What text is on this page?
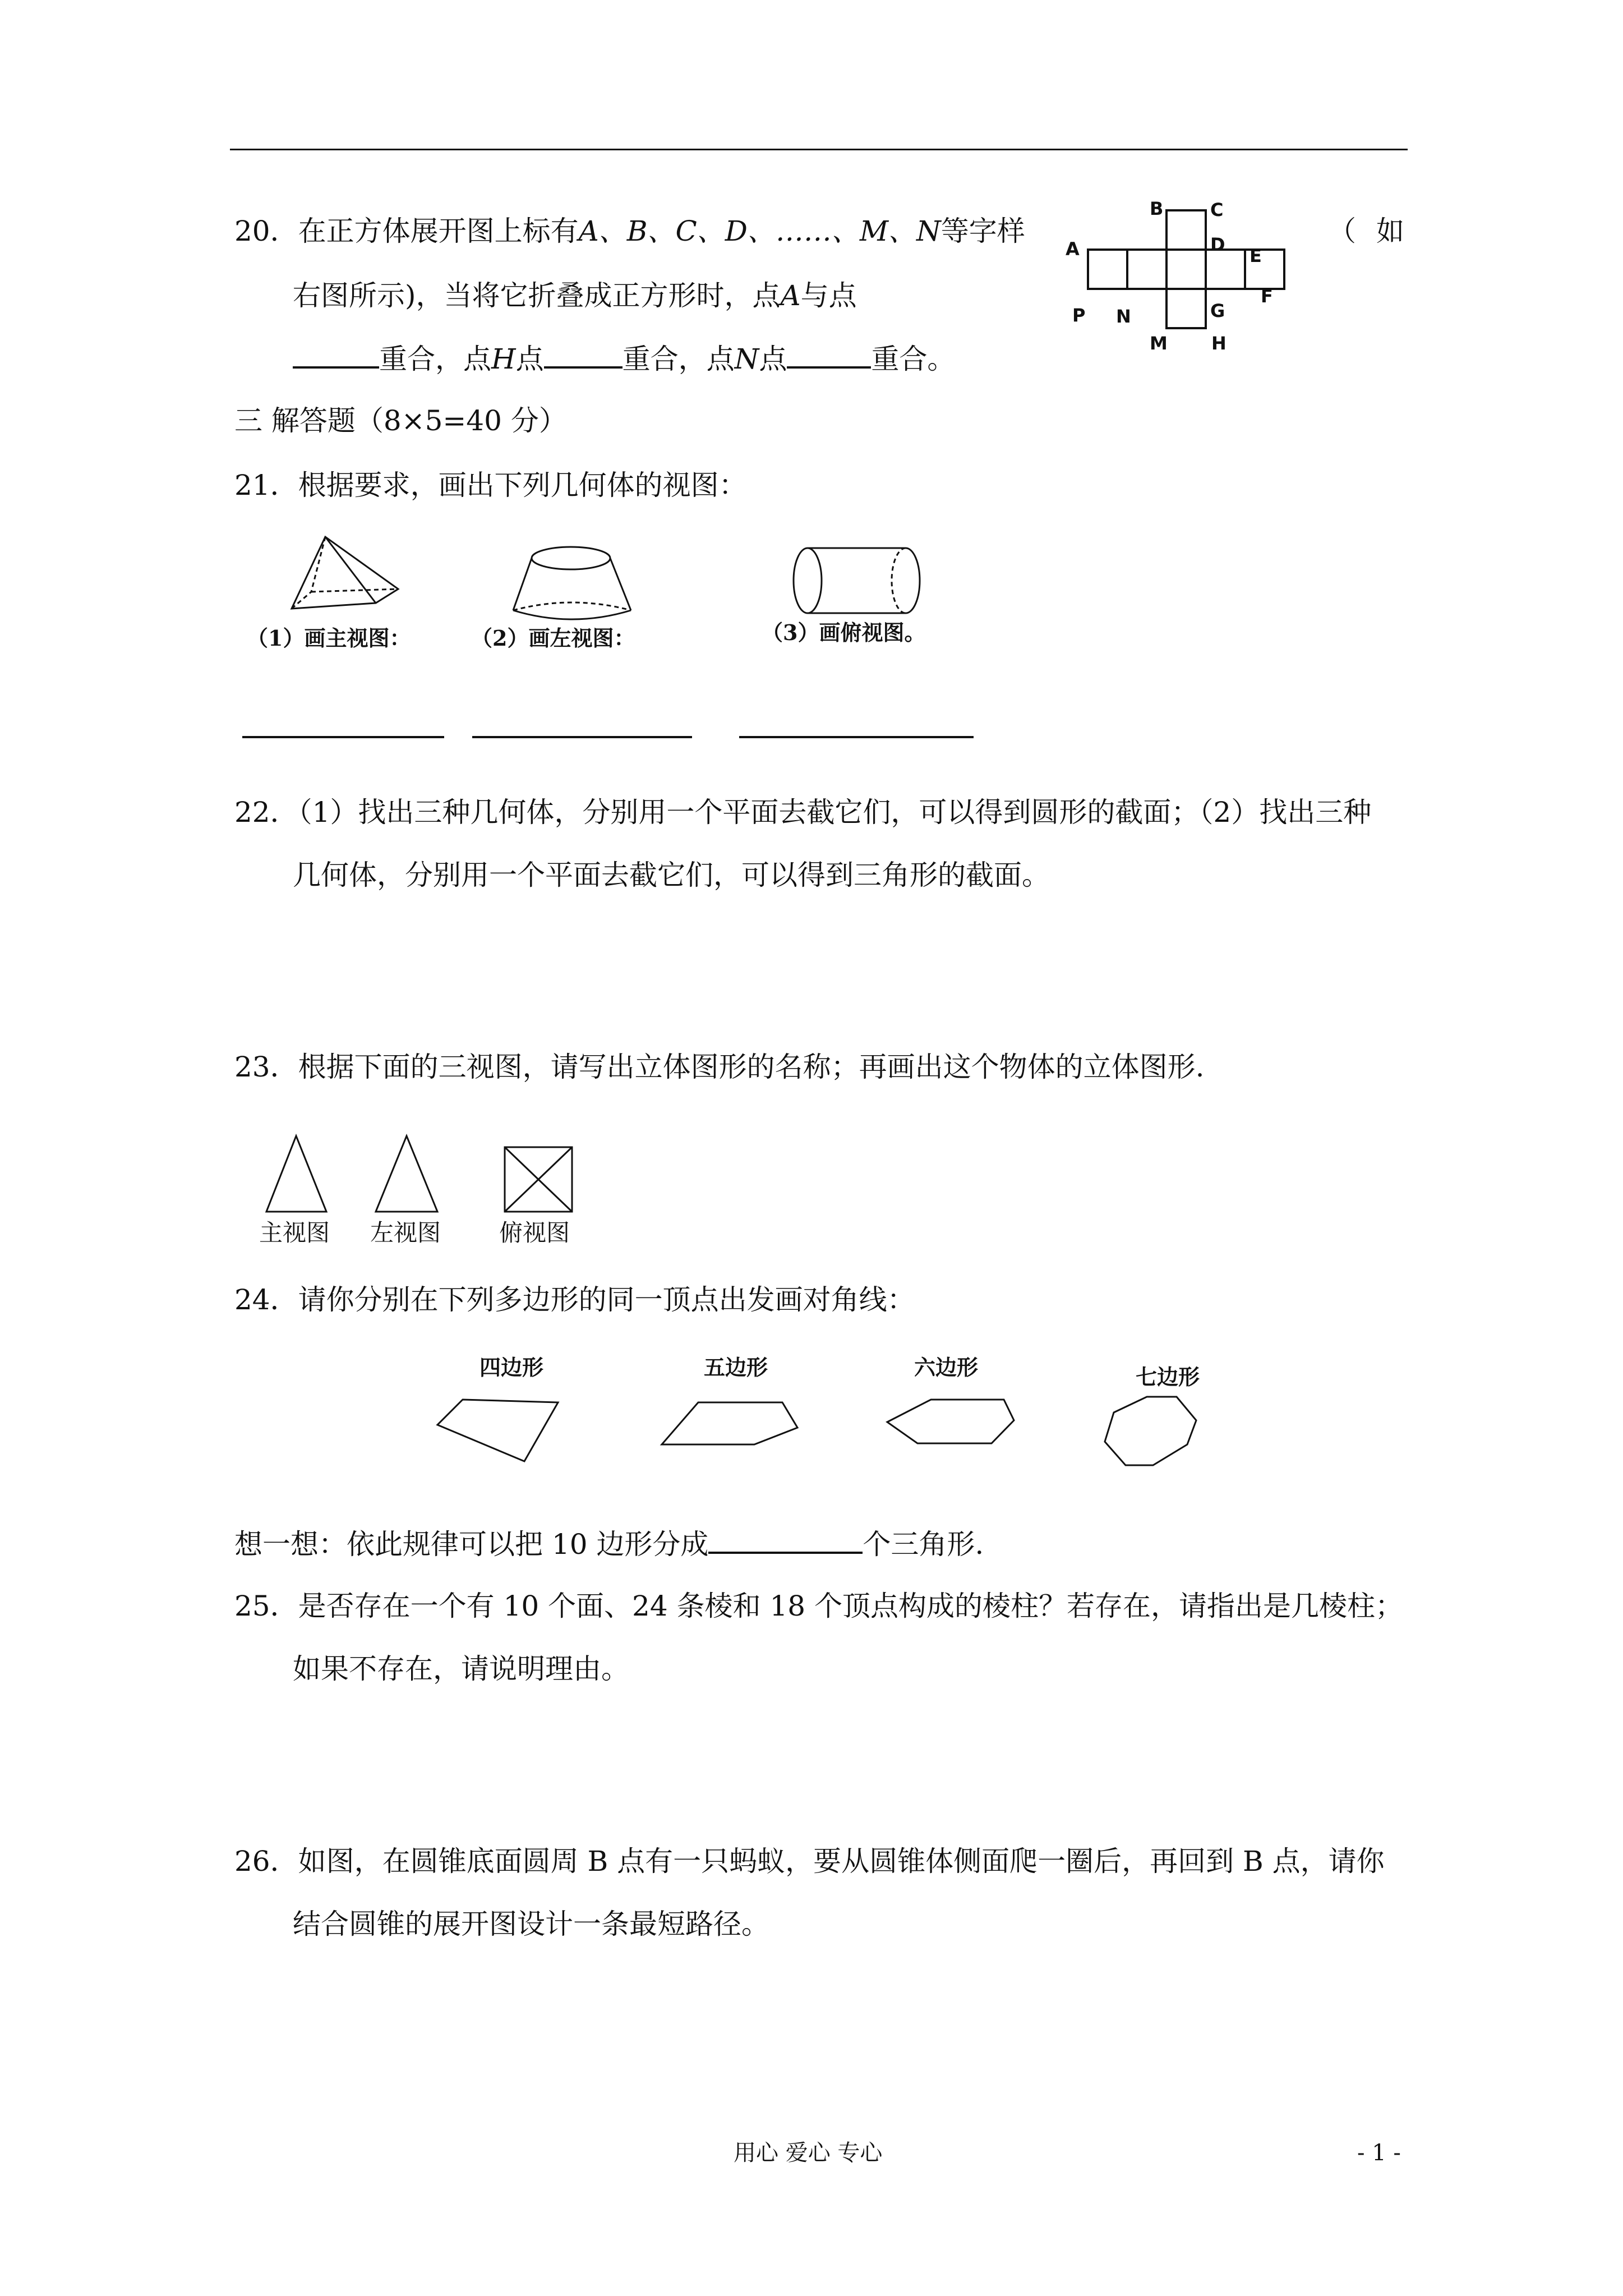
20．在正方体展开图上标有A、B、C、D、……、M、N等字样	（ 如
右图所示)，当将它折叠成正方形时，点A与点
重合，点H点	重合，点N点	重合。
B	C
A	D
E
P N	G
F
M H
三 解答题（8×5=40 分）
21．根据要求，画出下列几何体的视图：
（1）画主视图：	（2）画左视图：	（3）画俯视图。
22．（1）找出三种几何体，分别用一个平面去截它们，可以得到圆形的截面；（2）找出三种
几何体，分别用一个平面去截它们，可以得到三角形的截面。
23．根据下面的三视图，请写出立体图形的名称；再画出这个物体的立体图形.
主视图 左视图 俯视图
24．请你分别在下列多边形的同一顶点出发画对角线：
四边形	五边形	六边形	七边形
想一想：依此规律可以把 10 边形分成	个三角形.
25．是否存在一个有 10 个面、24 条棱和 18 个顶点构成的棱柱？若存在，请指出是几棱柱；
如果不存在，请说明理由。
26．如图，在圆锥底面圆周 B 点有一只蚂蚁，要从圆锥体侧面爬一圈后，再回到 B 点，请你
结合圆锥的展开图设计一条最短路径。
用心 爱心 专心	- 1 -
